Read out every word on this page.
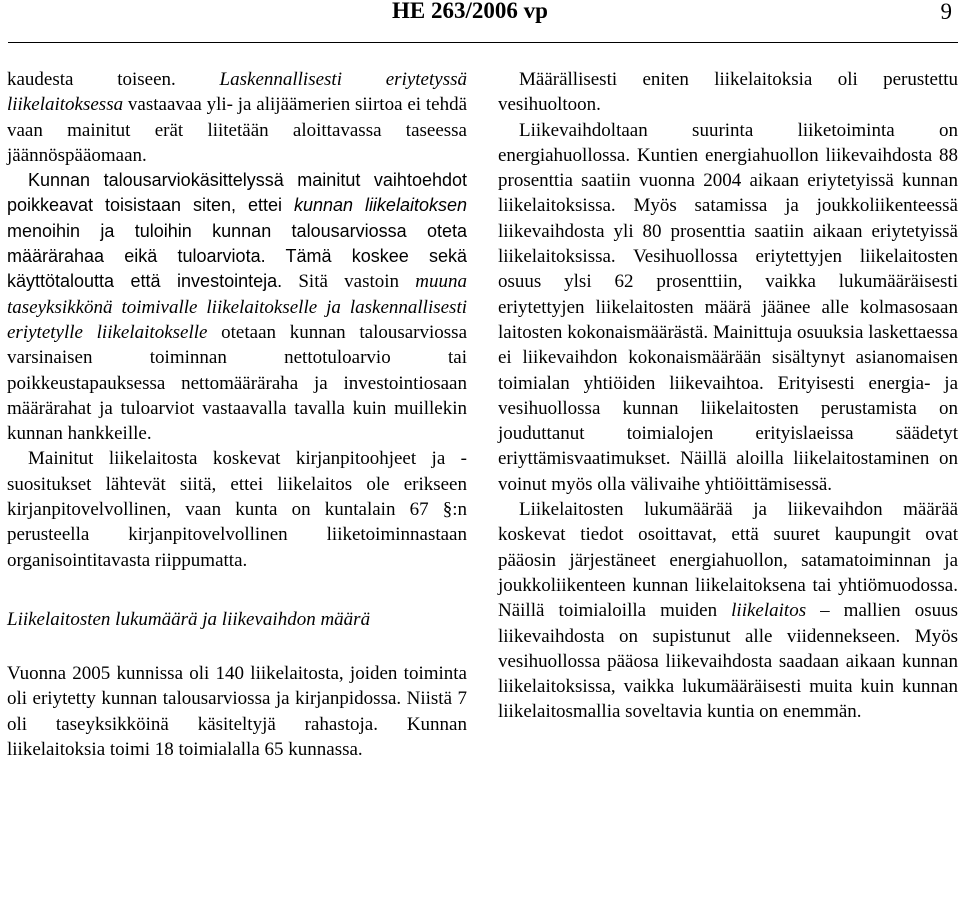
HE 263/2006 vp	9

kaudesta toiseen. Laskennallisesti eriytetyssä liikelaitoksessa vastaavaa yli- ja alijäämerien siirtoa ei tehdä vaan mainitut erät liitetään aloittavassa taseessa jäännöspääomaan.

Kunnan talousarviokäsittelyssä mainitut vaihtoehdot poikkeavat toisistaan siten, ettei kunnan liikelaitoksen menoihin ja tuloihin kunnan talousarviossa oteta määrärahaa eikä tuloarviota. Tämä koskee sekä käyttötaloutta että investointeja. Sitä vastoin muuna taseyksikkönä toimivalle liikelaitokselle ja laskennallisesti eriytetylle liikelaitokselle otetaan kunnan talousarviossa varsinaisen toiminnan nettotuloarvio tai poikkeustapauksessa nettomääräraha ja investointiosaan määrärahat ja tuloarviot vastaavalla tavalla kuin muillekin kunnan hankkeille.

Mainitut liikelaitosta koskevat kirjanpitoohjeet ja -suositukset lähtevät siitä, ettei liikelaitos ole erikseen kirjanpitovelvollinen, vaan kunta on kuntalain 67 §:n perusteella kirjanpitovelvollinen liiketoiminnastaan organisointitavasta riippumatta.

Liikelaitosten lukumäärä ja liikevaihdon määrä

Vuonna 2005 kunnissa oli 140 liikelaitosta, joiden toiminta oli eriytetty kunnan talousarviossa ja kirjanpidossa. Niistä 7 oli taseyksikköinä käsiteltyjä rahastoja. Kunnan liikelaitoksia toimi 18 toimialalla 65 kunnassa.

Määrällisesti eniten liikelaitoksia oli perustettu vesihuoltoon.

Liikevaihdoltaan suurinta liiketoiminta on energiahuollossa. Kuntien energiahuollon liikevaihdosta 88 prosenttia saatiin vuonna 2004 aikaan eriytetyissä kunnan liikelaitoksissa. Myös satamissa ja joukkoliikenteessä liikevaihdosta yli 80 prosenttia saatiin aikaan eriytetyissä liikelaitoksissa. Vesihuollossa eriytettyjen liikelaitosten osuus ylsi 62 prosenttiin, vaikka lukumääräisesti eriytettyjen liikelaitosten määrä jäänee alle kolmasosaan laitosten kokonaismäärästä. Mainittuja osuuksia laskettaessa ei liikevaihdon kokonaismäärään sisältynyt asianomaisen toimialan yhtiöiden liikevaihtoa. Erityisesti energia- ja vesihuollossa kunnan liikelaitosten perustamista on jouduttanut toimialojen erityislaeissa säädetyt eriyttämisvaatimukset. Näillä aloilla liikelaitostaminen on voinut myös olla välivaihe yhtiöittämisessä.

Liikelaitosten lukumäärää ja liikevaihdon määrää koskevat tiedot osoittavat, että suuret kaupungit ovat pääosin järjestäneet energiahuollon, satamatoiminnan ja joukkoliikenteen kunnan liikelaitoksena tai yhtiömuodossa. Näillä toimialoilla muiden liikelaitos – mallien osuus liikevaihdosta on supistunut alle viidennekseen. Myös vesihuollossa pääosa liikevaihdosta saadaan aikaan kunnan liikelaitoksissa, vaikka lukumääräisesti muita kuin kunnan liikelaitosmallia soveltavia kuntia on enemmän.
